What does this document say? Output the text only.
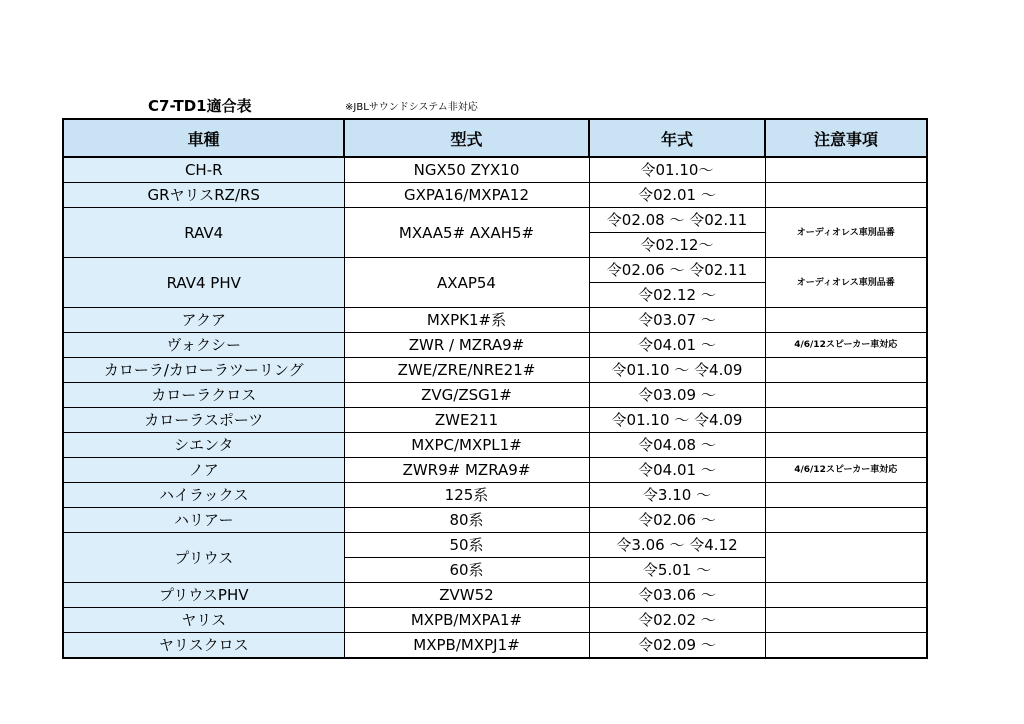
C7-TD1適合表	※JBLサウンドシステム非対応
車種	型式	年式	注意事項
CH-R	NGX50 ZYX10	令01.10～	
GRヤリスRZ/RS	GXPA16/MXPA12	令02.01 ～	
RAV4	MXAA5# AXAH5#	令02.08 ～ 令02.11	オーディオレス車別品番
		令02.12～	
RAV4 PHV	AXAP54	令02.06 ～ 令02.11	オーディオレス車別品番
		令02.12 ～	
アクア	MXPK1#系	令03.07 ～	
ヴォクシー	ZWR / MZRA9#	令04.01 ～	4/6/12スピーカー車対応
カローラ/カローラツーリング	ZWE/ZRE/NRE21#	令01.10 ～ 令4.09	
カローラクロス	ZVG/ZSG1#	令03.09 ～	
カローラスポーツ	ZWE211	令01.10 ～ 令4.09	
シエンタ	MXPC/MXPL1#	令04.08 ～	
ノア	ZWR9# MZRA9#	令04.01 ～	4/6/12スピーカー車対応
ハイラックス	125系	令3.10 ～	
ハリアー	80系	令02.06 ～	
プリウス	50系	令3.06 ～ 令4.12	
	60系	令5.01 ～	
プリウスPHV	ZVW52	令03.06 ～	
ヤリス	MXPB/MXPA1#	令02.02 ～	
ヤリスクロス	MXPB/MXPJ1#	令02.09 ～	
